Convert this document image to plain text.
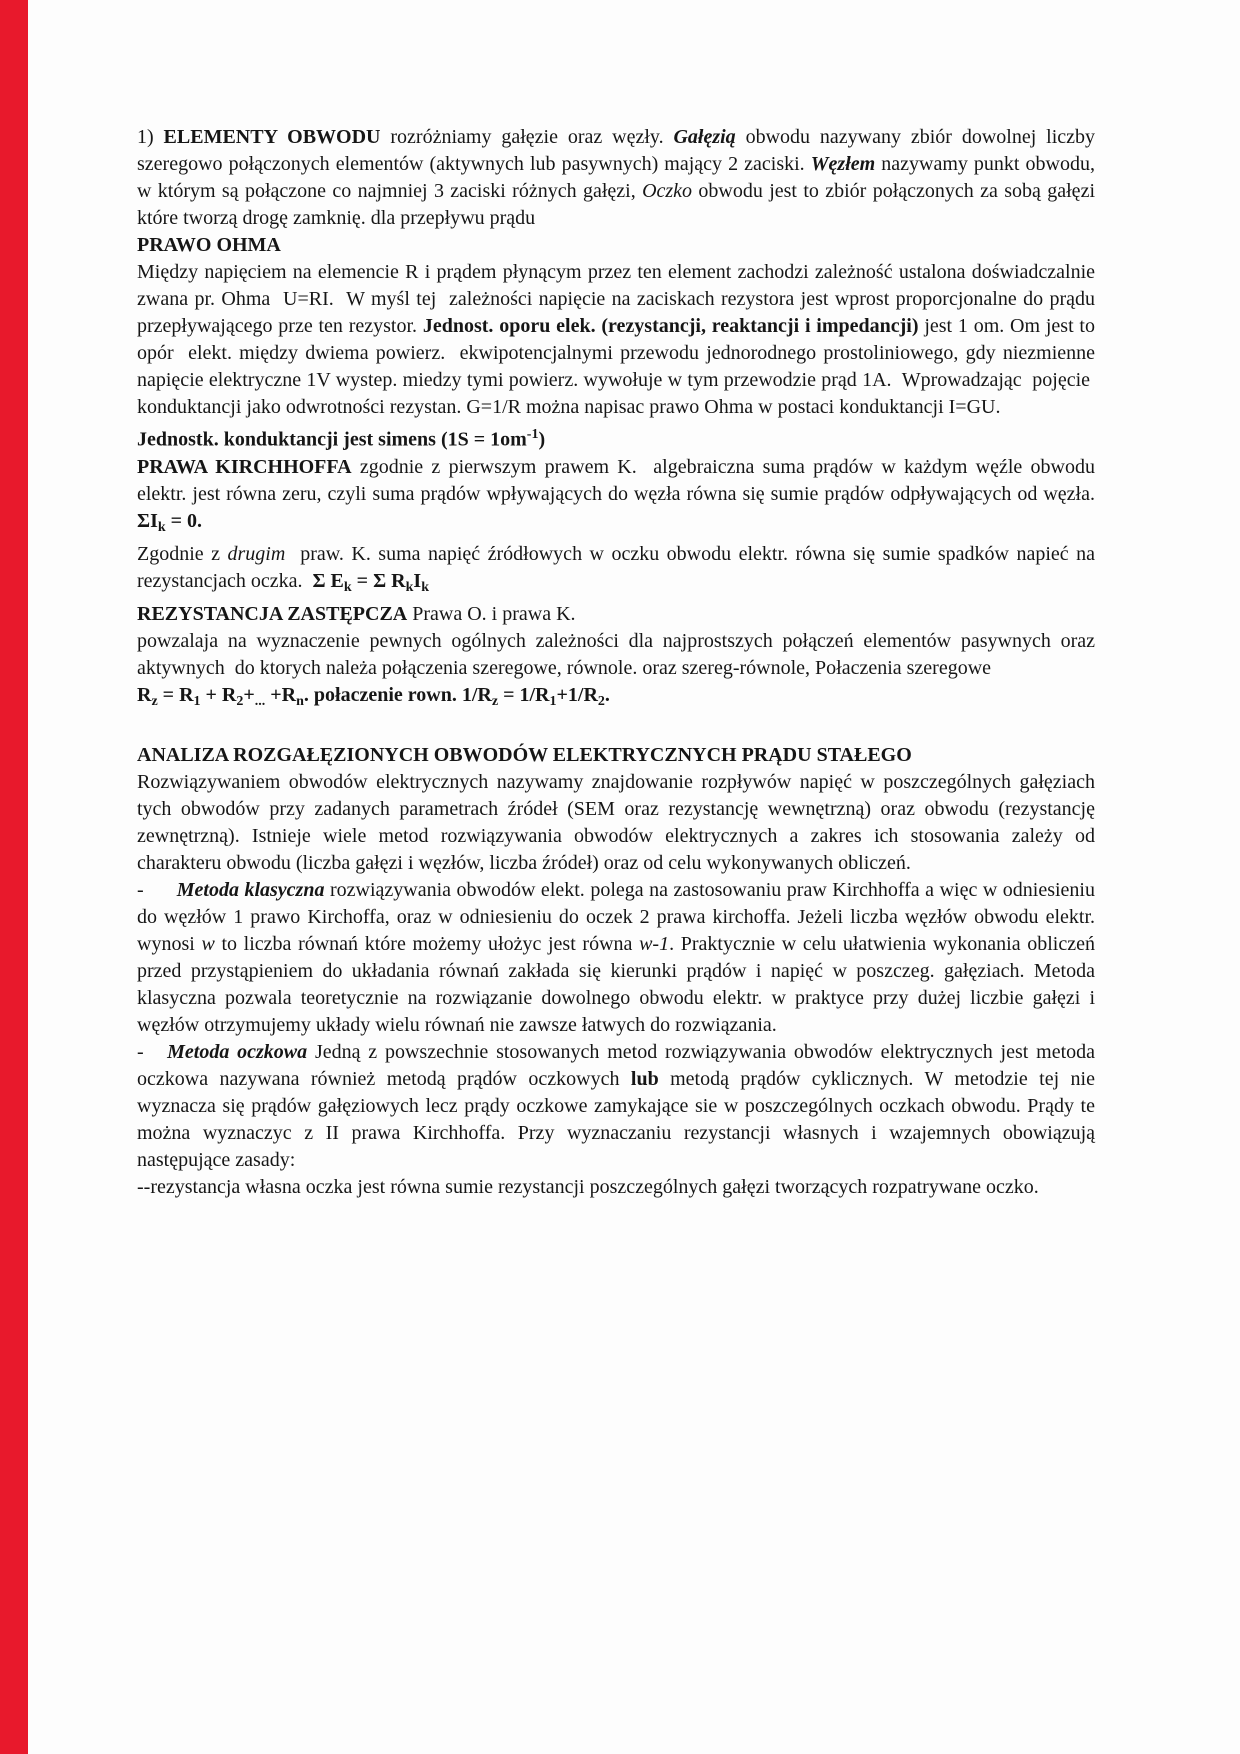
1) ELEMENTY OBWODU rozróżniamy gałęzie oraz węzły. Gałęzią obwodu nazywany zbiór dowolnej liczby szeregowo połączonych elementów (aktywnych lub pasywnych) mający 2 zaciski. Węzłem nazywamy punkt obwodu, w którym są połączone co najmniej 3 zaciski różnych gałęzi, Oczko obwodu jest to zbiór połączonych za sobą gałęzi które tworzą drogę zamknię. dla przepływu prądu

PRAWO OHMA

Między napięciem na elemencie R i prądem płynącym przez ten element zachodzi zależność ustalona doświadczalnie zwana pr. Ohma  U=RI.  W myśl tej  zależności napięcie na zaciskach rezystora jest wprost proporcjonalne do prądu przepływającego prze ten rezystor. Jednost. oporu elek. (rezystancji, reaktancji i impedancji) jest 1 om. Om jest to opór  elekt. między dwiema powierz.  ekwipotencjalnymi przewodu jednorodnego prostoliniowego, gdy niezmienne napięcie elektryczne 1V wystep. miedzy tymi powierz. wywołuje w tym przewodzie prąd 1A.  Wprowadzając  pojęcie  konduktancji jako odwrotności rezystan. G=1/R można napisac prawo Ohma w postaci konduktancji I=GU.

Jednostk. konduktancji jest simens $(1S = 1om^{-1})$

PRAWA KIRCHHOFFA zgodnie z pierwszym prawem K.  algebraiczna suma prądów w każdym węźle obwodu elektr. jest równa zeru, czyli suma prądów wpływających do węzła równa się sumie prądów odpływających od węzła. $\Sigma I_k = 0$.

Zgodnie z drugim  praw. K. suma napięć źródłowych w oczku obwodu elektr. równa się sumie spadków napieć na rezystancjach oczka.  Σ $E_k = \Sigma$ $R_kI_k$

REZYSTANCJA ZASTĘPCZA Prawa O. i prawa K.

powzalaja na wyznaczenie pewnych ogólnych zależności dla najprostszych połączeń elementów pasywnych oraz aktywnych  do ktorych należa połączenia szeregowe, równole. oraz szereg-równole, Połaczenia szeregowe

$R_z = R_1 + R_2+_{...} +R_n$. połaczenie rown. $1/R_z = 1/R_1+1/R_2$.

ANALIZA ROZGAŁĘZIONYCH OBWODÓW ELEKTRYCZNYCH PRĄDU STAŁEGO

Rozwiązywaniem obwodów elektrycznych nazywamy znajdowanie rozpływów napięć w poszczególnych gałęziach tych obwodów przy zadanych parametrach źródeł (SEM oraz rezystancję wewnętrzną) oraz obwodu (rezystancję zewnętrzną). Istnieje wiele metod rozwiązywania obwodów elektrycznych a zakres ich stosowania zależy od charakteru obwodu (liczba gałęzi i węzłów, liczba źródeł) oraz od celu wykonywanych obliczeń.

-      Metoda klasyczna rozwiązywania obwodów elekt. polega na zastosowaniu praw Kirchhoffa a więc w odniesieniu do węzłów 1 prawo Kirchoffa, oraz w odniesieniu do oczek 2 prawa kirchoffa. Jeżeli liczba węzłów obwodu elektr. wynosi w to liczba równań które możemy ułożyc jest równa w-1. Praktycznie w celu ułatwienia wykonania obliczeń przed przystąpieniem do układania równań zakłada się kierunki prądów i napięć w poszczeg. gałęziach. Metoda klasyczna pozwala teoretycznie na rozwiązanie dowolnego obwodu elektr. w praktyce przy dużej liczbie gałęzi i węzłów otrzymujemy układy wielu równań nie zawsze łatwych do rozwiązania.

-   Metoda oczkowa Jedną z powszechnie stosowanych metod rozwiązywania obwodów elektrycznych jest metoda oczkowa nazywana również metodą prądów oczkowych lub metodą prądów cyklicznych. W metodzie tej nie wyznacza się prądów gałęziowych lecz prądy oczkowe zamykające sie w poszczególnych oczkach obwodu. Prądy te można wyznaczyc z II prawa Kirchhoffa. Przy wyznaczaniu rezystancji własnych i wzajemnych obowiązują następujące zasady:

--rezystancja własna oczka jest równa sumie rezystancji poszczególnych gałęzi tworzących rozpatrywane oczko.
